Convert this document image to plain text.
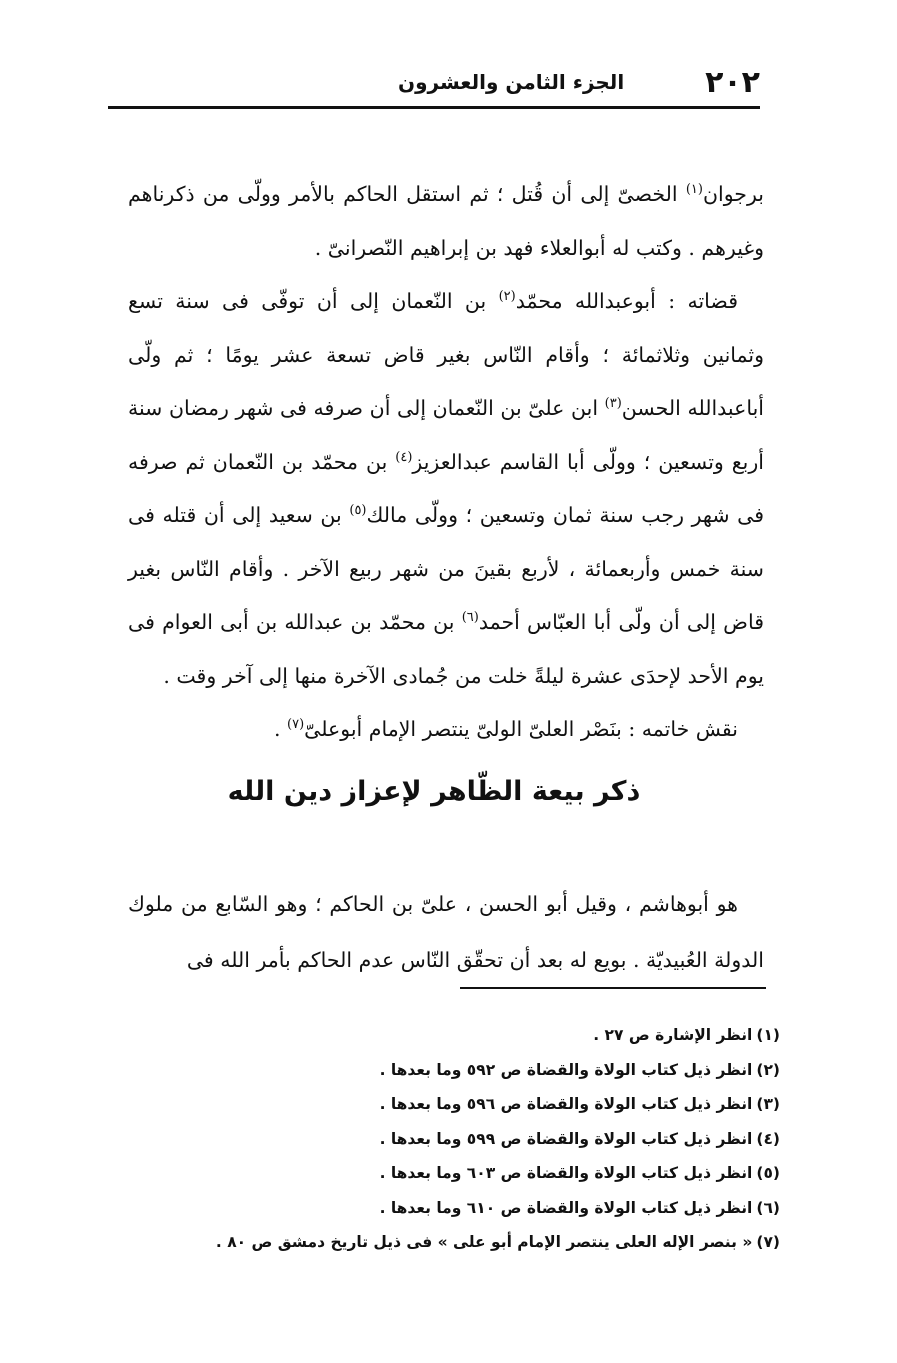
٢٠٢
الجزء الثامن والعشرون

برجوان$^{(١)}$ الخصىّ إلى أن قُتل ؛ ثم استقل الحاكم بالأمر وولّى من ذكرناهم وغيرهم . وكتب له أبوالعلاء فهد بن إبراهيم النّصرانىّ .

قضاته : أبوعبدالله محمّد$^{(٢)}$ بن النّعمان إلى أن توفّى فى سنة تسع وثمانين وثلاثمائة ؛ وأقام النّاس بغير قاض تسعة عشر يومًا ؛ ثم ولّى أباعبدالله الحسن$^{(٣)}$ ابن علىّ بن النّعمان إلى أن صرفه فى شهر رمضان سنة أربع وتسعين ؛ وولّى أبا القاسم عبدالعزيز$^{(٤)}$ بن محمّد بن النّعمان ثم صرفه فى شهر رجب سنة ثمان وتسعين ؛ وولّى مالك$^{(٥)}$ بن سعيد إلى أن قتله فى سنة خمس وأربعمائة ، لأربع بقينَ من شهر ربيع الآخر . وأقام النّاس بغير قاض إلى أن ولّى أبا العبّاس أحمد$^{(٦)}$ بن محمّد بن عبدالله بن أبى العوام فى يوم الأحد لإحدَى عشرة ليلةً خلت من جُمادى الآخرة منها إلى آخر وقت .

نقش خاتمه : بنَصْر العلىّ الولىّ ينتصر الإمام أبوعلىّ$^{(٧)}$ .

ذكر بيعة الظّاهر لإعزاز دين الله

هو أبوهاشم ، وقيل أبو الحسن ، علىّ بن الحاكم ؛ وهو السّابع من ملوك الدولة العُبيديّة . بويع له بعد أن تحقّق النّاس عدم الحاكم بأمر الله فى

(١)انظر الإشارة ص ٢٧ .
(٢)انظر ذيل كتاب الولاة والقضاة ص ٥٩٢ وما بعدها .
(٣)انظر ذيل كتاب الولاة والقضاة ص ٥٩٦ وما بعدها .
(٤)انظر ذيل كتاب الولاة والقضاة ص ٥٩٩ وما بعدها .
(٥)انظر ذيل كتاب الولاة والقضاة ص ٦٠٣ وما بعدها .
(٦)انظر ذيل كتاب الولاة والقضاة ص ٦١٠ وما بعدها .
(٧)« بنصر الإله العلى ينتصر الإمام أبو على » فى ذيل تاريخ دمشق ص ٨٠ .
